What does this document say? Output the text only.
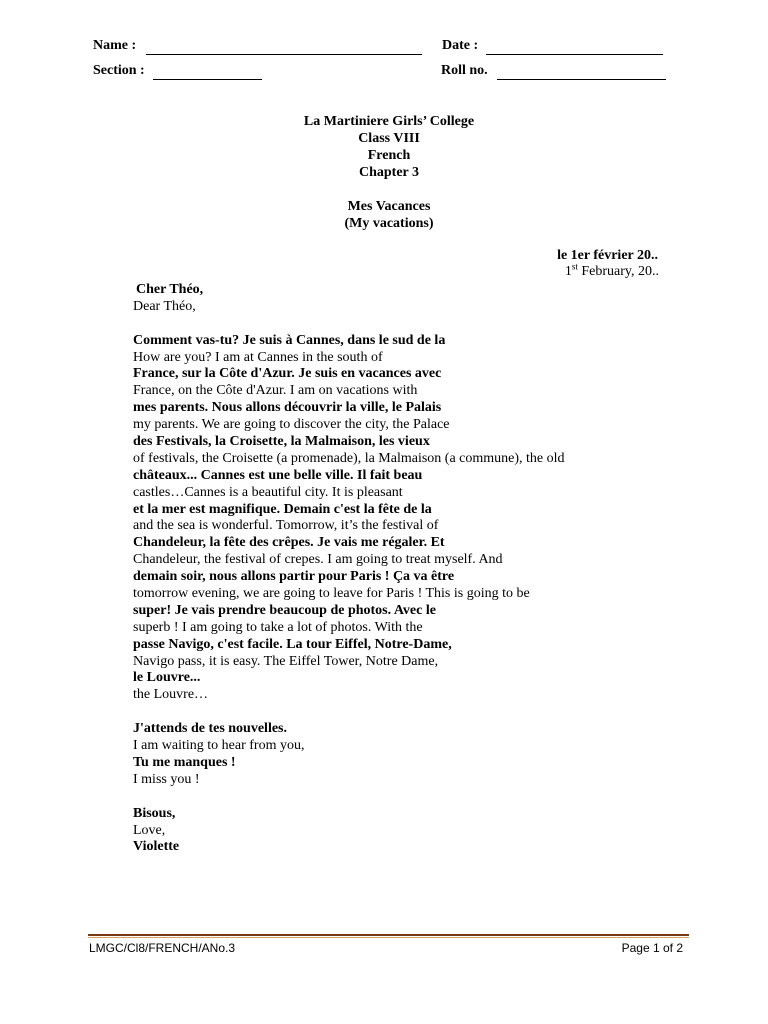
Name :	Date :
Section :	Roll no.
La Martiniere Girls’ College
Class VIII
French
Chapter 3
Mes Vacances
(My vacations)
le 1er février 20..
1st February, 20..
Cher Théo,
Dear Théo,
Comment vas-tu? Je suis à Cannes, dans le sud de la
How are you? I am at Cannes in the south of
France, sur la Côte d'Azur. Je suis en vacances avec
France, on the Côte d'Azur. I am on vacations with
mes parents. Nous allons découvrir la ville, le Palais
my parents. We are going to discover the city, the Palace
des Festivals, la Croisette, la Malmaison, les vieux
of festivals, the Croisette (a promenade), la Malmaison (a commune), the old
châteaux... Cannes est une belle ville. Il fait beau
castles…Cannes is a beautiful city. It is pleasant
et la mer est magnifique. Demain c'est la fête de la
and the sea is wonderful. Tomorrow, it’s the festival of
Chandeleur, la fête des crêpes. Je vais me régaler. Et
Chandeleur, the festival of crepes. I am going to treat myself. And
demain soir, nous allons partir pour Paris ! Ça va être
tomorrow evening, we are going to leave for Paris ! This is going to be
super! Je vais prendre beaucoup de photos. Avec le
superb ! I am going to take a lot of photos. With the
passe Navigo, c'est facile. La tour Eiffel, Notre-Dame,
Navigo pass, it is easy. The Eiffel Tower, Notre Dame,
le Louvre...
the Louvre…
J'attends de tes nouvelles.
I am waiting to hear from you,
Tu me manques !
I miss you !
Bisous,
Love,
Violette
LMGC/Cl8/FRENCH/ANo.3	Page 1 of 2
